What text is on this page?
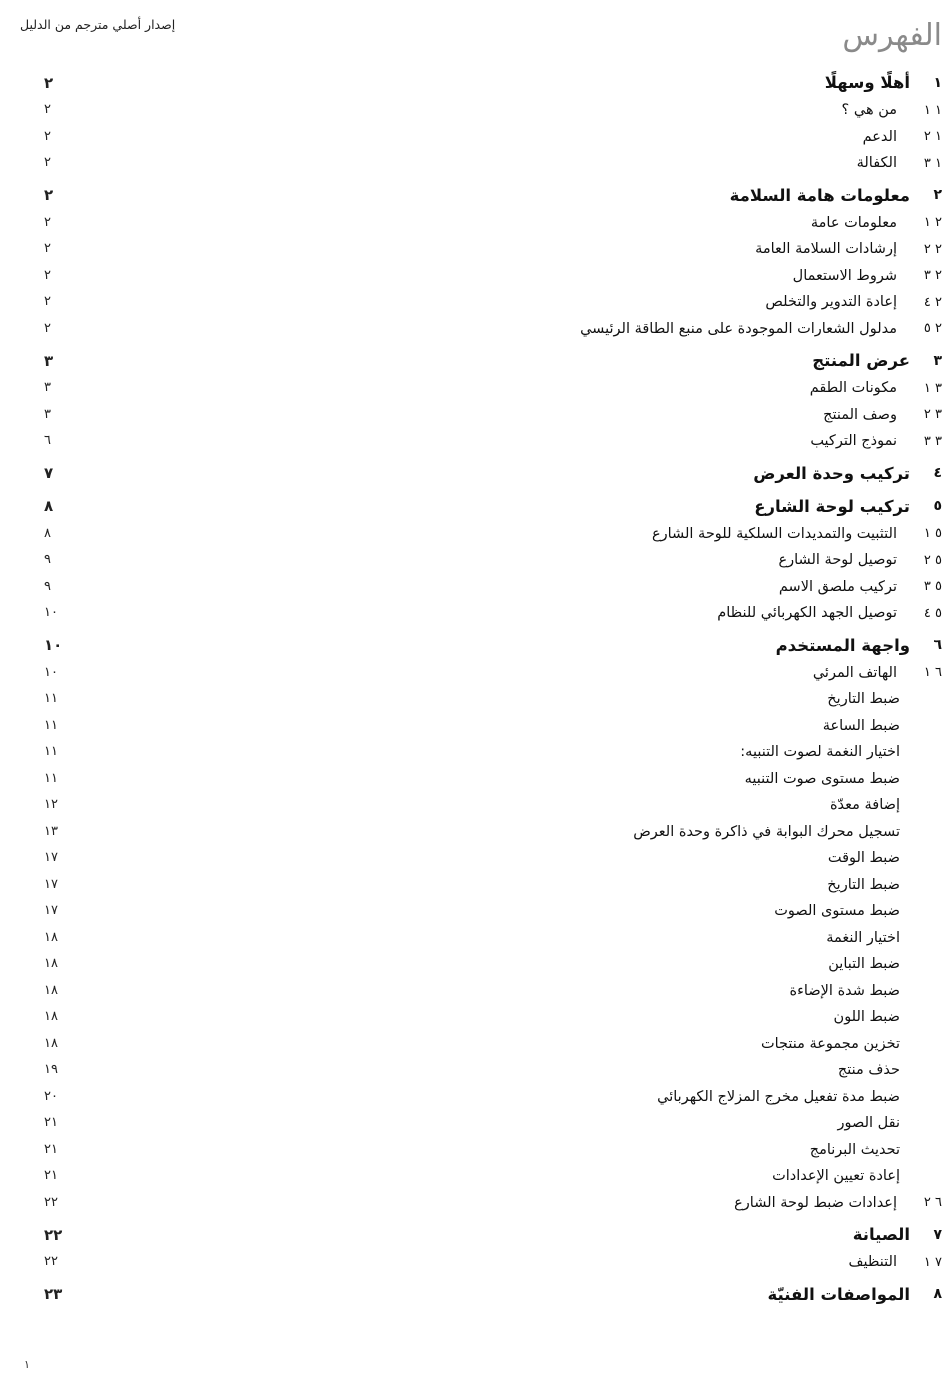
إصدار أصلي مترجم من الدليل	الفهرس
١
أهلًا وسهلًا
٢
١ ١
من هي ؟
٢
١ ٢
الدعم
٢
١ ٣
الكفالة
٢
٢
معلومات هامة السلامة
٢
٢ ١
معلومات عامة
٢
٢ ٢
إرشادات السلامة العامة
٢
٢ ٣
شروط الاستعمال
٢
٢ ٤
إعادة التدوير والتخلص
٢
٢ ٥
مدلول الشعارات الموجودة على منبع الطاقة الرئيسي
٢
٣
عرض المنتج
٣
٣ ١
مكونات الطقم
٣
٣ ٢
وصف المنتج
٣
٣ ٣
نموذج التركيب
٦
٤
تركيب وحدة العرض
٧
٥
تركيب لوحة الشارع
٨
٥ ١
التثبيت والتمديدات السلكية للوحة الشارع
٨
٥ ٢
توصيل لوحة الشارع
٩
٥ ٣
تركيب ملصق الاسم
٩
٥ ٤
توصيل الجهد الكهربائي للنظام
١٠
٦
واجهة المستخدم
١٠
٦ ١
الهاتف المرئي
١٠
ضبط التاريخ
١١
ضبط الساعة
١١
اختيار النغمة لصوت التنبيه:
١١
ضبط مستوى صوت التنبيه
١١
إضافة معدّة
١٢
تسجيل محرك البوابة في ذاكرة وحدة العرض
١٣
ضبط الوقت
١٧
ضبط التاريخ
١٧
ضبط مستوى الصوت
١٧
اختيار النغمة
١٨
ضبط التباين
١٨
ضبط شدة الإضاءة
١٨
ضبط اللون
١٨
تخزين مجموعة منتجات
١٨
حذف منتج
١٩
ضبط مدة تفعيل مخرج المزلاج الكهربائي
٢٠
نقل الصور
٢١
تحديث البرنامج
٢١
إعادة تعيين الإعدادات
٢١
٦ ٢
إعدادات ضبط لوحة الشارع
٢٢
٧
الصيانة
٢٢
٧ ١
التنظيف
٢٢
٨
المواصفات الفنيّة
٢٣
١
